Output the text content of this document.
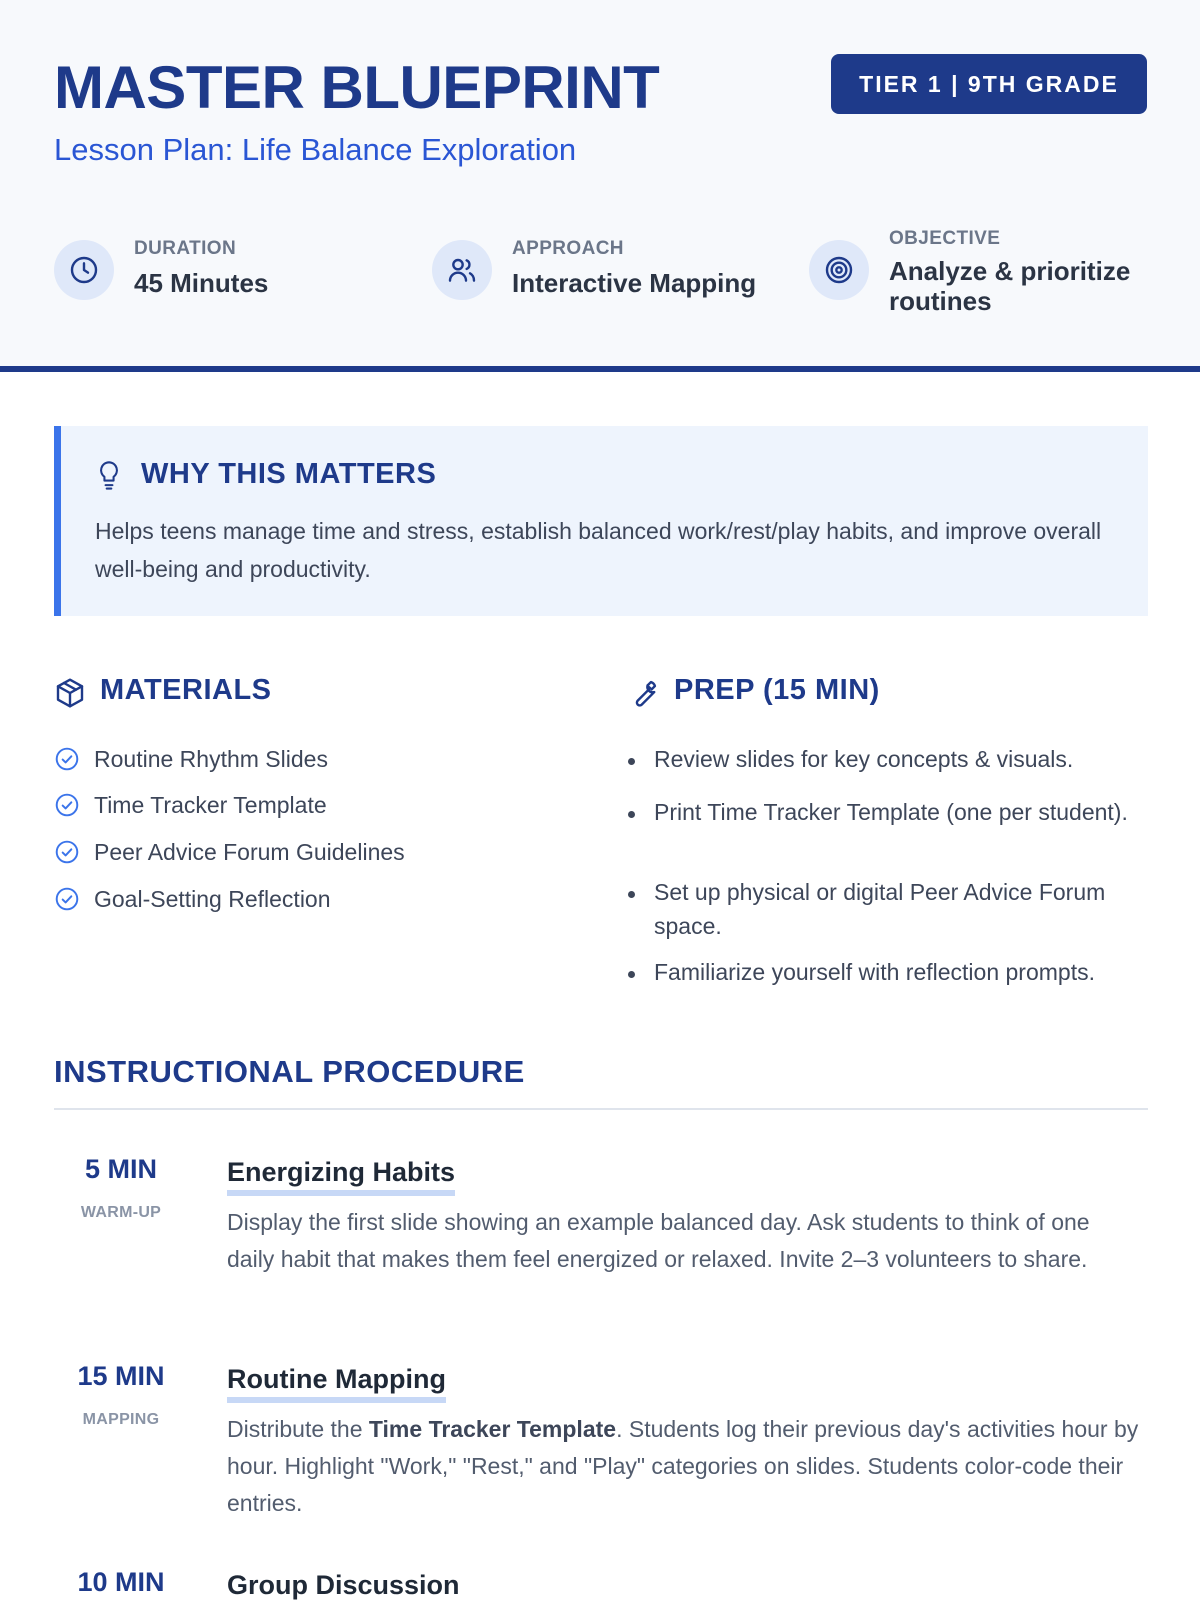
MASTER BLUEPRINT
Lesson Plan: Life Balance Exploration
TIER 1 | 9TH GRADE
DURATION
45 Minutes
APPROACH
Interactive Mapping
OBJECTIVE
Analyze & prioritize
routines
WHY THIS MATTERS
Helps teens manage time and stress, establish balanced work/rest/play habits, and improve overall well-being and productivity.
MATERIALS
Routine Rhythm Slides
Time Tracker Template
Peer Advice Forum Guidelines
Goal-Setting Reflection
PREP (15 MIN)
Review slides for key concepts & visuals.
Print Time Tracker Template (one per student).
Set up physical or digital Peer Advice Forum space.
Familiarize yourself with reflection prompts.
INSTRUCTIONAL PROCEDURE
5 MIN
WARM-UP
Energizing Habits
Display the first slide showing an example balanced day. Ask students to think of one daily habit that makes them feel energized or relaxed. Invite 2–3 volunteers to share.
15 MIN
MAPPING
Routine Mapping
Distribute the Time Tracker Template. Students log their previous day's activities hour by hour. Highlight "Work," "Rest," and "Play" categories on slides. Students color-code their entries.
10 MIN	Group Discussion
